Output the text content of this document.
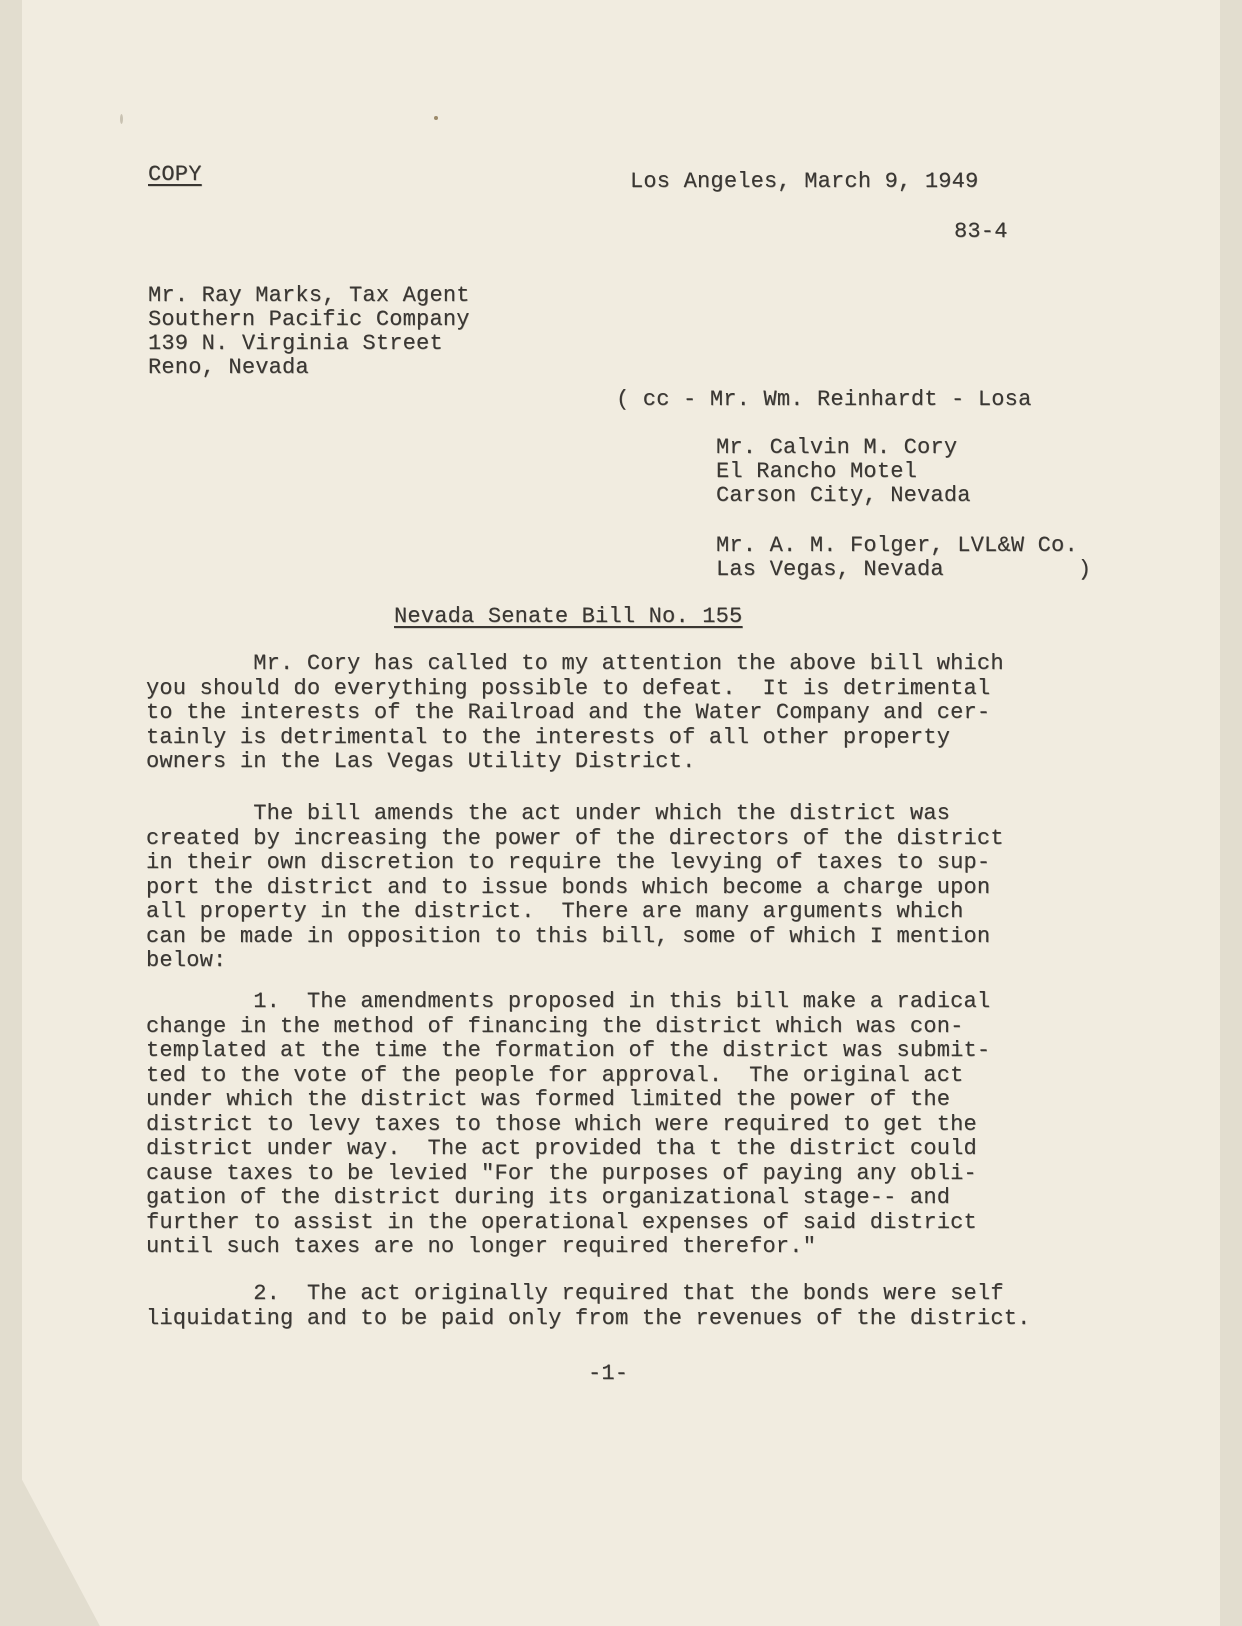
COPY	Los Angeles, March 9, 1949
83-4
Mr. Ray Marks, Tax Agent
Southern Pacific Company
139 N. Virginia Street
Reno, Nevada
( cc - Mr. Wm. Reinhardt - Losa
Mr. Calvin M. Cory
El Rancho Motel
Carson City, Nevada
Mr. A. M. Folger, LVL&W Co.
Las Vegas, Nevada          )
Nevada Senate Bill No. 155
Mr. Cory has called to my attention the above bill which
you should do everything possible to defeat.  It is detrimental
to the interests of the Railroad and the Water Company and cer-
tainly is detrimental to the interests of all other property
owners in the Las Vegas Utility District.
The bill amends the act under which the district was
created by increasing the power of the directors of the district
in their own discretion to require the levying of taxes to sup-
port the district and to issue bonds which become a charge upon
all property in the district.  There are many arguments which
can be made in opposition to this bill, some of which I mention
below:
1.  The amendments proposed in this bill make a radical
change in the method of financing the district which was con-
templated at the time the formation of the district was submit-
ted to the vote of the people for approval.  The original act
under which the district was formed limited the power of the
district to levy taxes to those which were required to get the
district under way.  The act provided tha t the district could
cause taxes to be levied "For the purposes of paying any obli-
gation of the district during its organizational stage-- and
further to assist in the operational expenses of said district
until such taxes are no longer required therefor."
2.  The act originally required that the bonds were self
liquidating and to be paid only from the revenues of the district.
-1-
